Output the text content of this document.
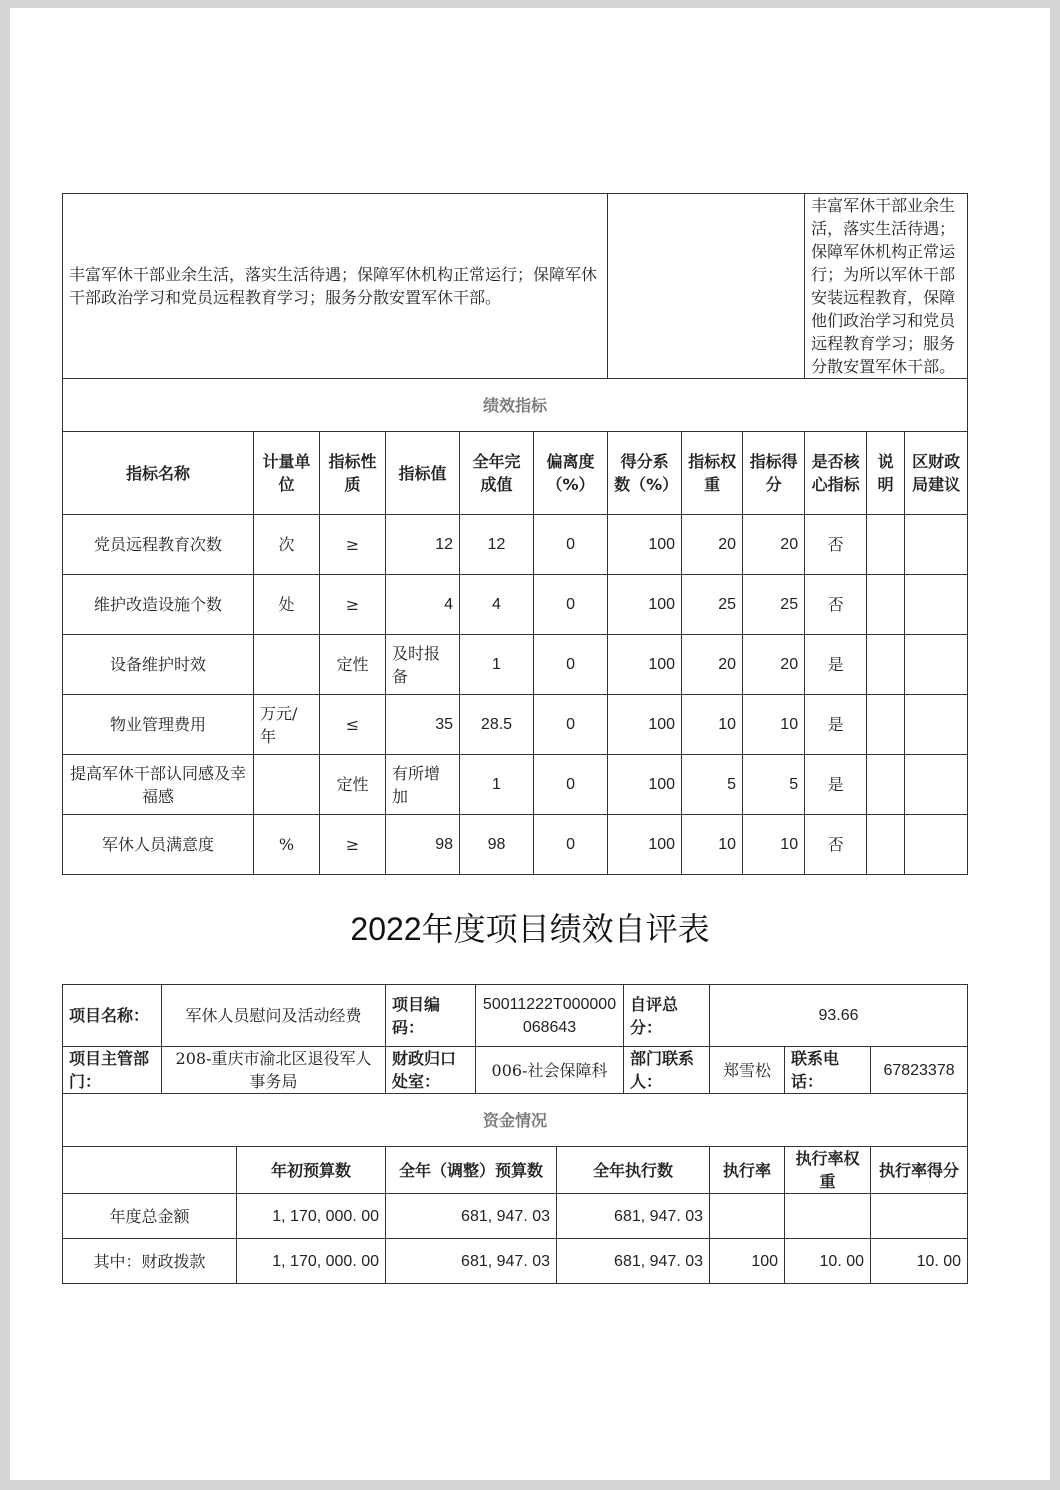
丰富军休干部业余生活，落实生活待遇；保障军休机构正常运行；保障军休干部政治学习和党员远程教育学习；服务分散安置军休干部。									丰富军休干部业余生活，落实生活待遇；保障军休机构正常运行；为所以军休干部安装远程教育，保障他们政治学习和党员远程教育学习；服务分散安置军休干部。		
绩效指标											
指标名称	计量单位	指标性质	指标值	全年完成值	偏离度（%）	得分系数（%）	指标权重	指标得分	是否核心指标	说明	区财政局建议
党员远程教育次数	次	≥	12	12	0	100	20	20	否		
维护改造设施个数	处	≥	4	4	0	100	25	25	否		
设备维护时效		定性	及时报备	1	0	100	20	20	是		
物业管理费用	万元/年	≤	35	28.5	0	100	10	10	是		
提高军休干部认同感及幸福感		定性	有所增加	1	0	100	5	5	是		
军休人员满意度	%	≥	98	98	0	100	10	10	否		
2022年度项目绩效自评表
项目名称：	军休人员慰问及活动经费		项目编码：	50011222T000000068643		自评总分：	93.66		
项目主管部门：	208-重庆市渝北区退役军人事务局		财政归口处室：	006-社会保障科		部门联系人：	郑雪松	联系电话：	67823378
资金情况									
		年初预算数	全年（调整）预算数		全年执行数		执行率	执行率权重	执行率得分
年度总金额		1, 170, 000. 00	681, 947. 03		681, 947. 03				
其中：财政拨款		1, 170, 000. 00	681, 947. 03		681, 947. 03		100	10. 00	10. 00
